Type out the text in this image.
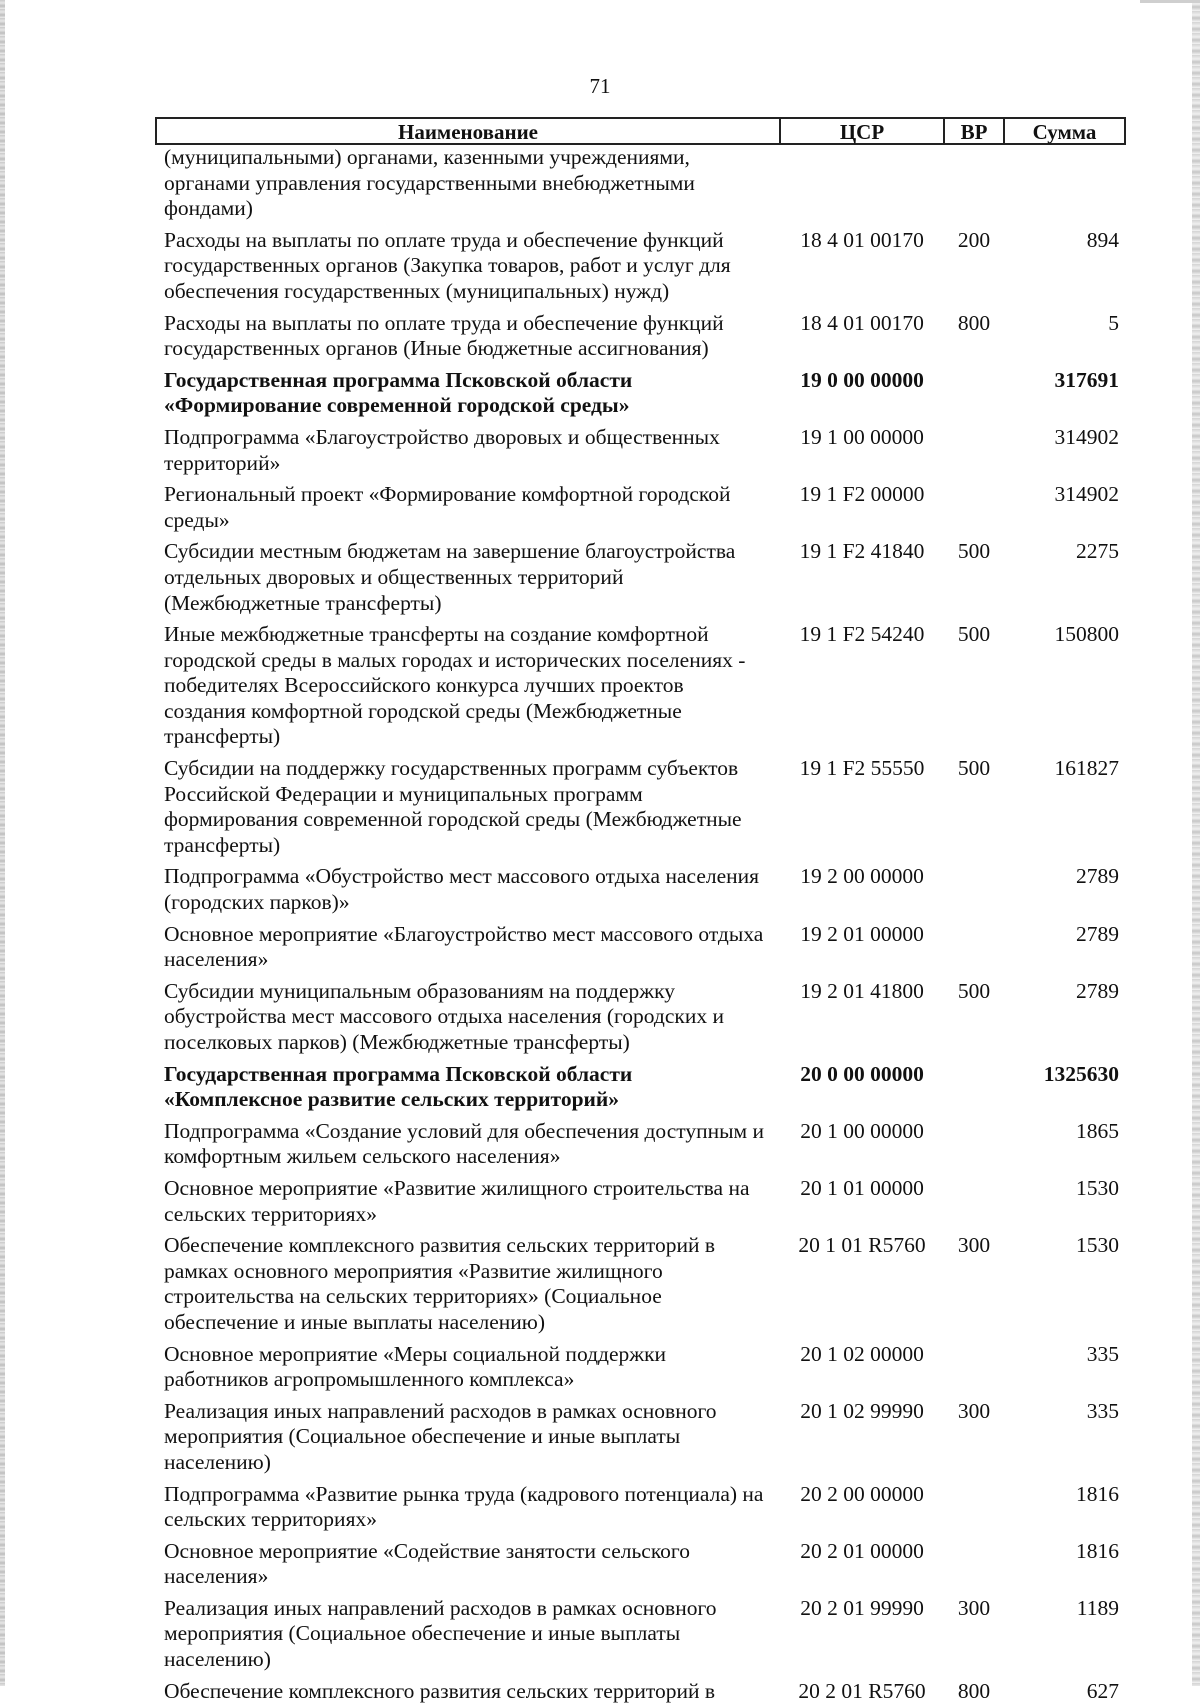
71
Наименование	ЦСР	ВР	Сумма
(муниципальными) органами, казенными учреждениями, органами управления государственными внебюджетными фондами)			
Расходы на выплаты по оплате труда и обеспечение функций государственных органов (Закупка товаров, работ и услуг для обеспечения государственных (муниципальных) нужд)	18 4 01 00170	200	894
Расходы на выплаты по оплате труда и обеспечение функций государственных органов (Иные бюджетные ассигнования)	18 4 01 00170	800	5
Государственная программа Псковской области «Формирование современной городской среды»	19 0 00 00000		317691
Подпрограмма «Благоустройство дворовых и общественных территорий»	19 1 00 00000		314902
Региональный проект «Формирование комфортной городской среды»	19 1 F2 00000		314902
Субсидии местным бюджетам на завершение благоустройства отдельных дворовых и общественных территорий (Межбюджетные трансферты)	19 1 F2 41840	500	2275
Иные межбюджетные трансферты на создание комфортной городской среды в малых городах и исторических поселениях - победителях Всероссийского конкурса лучших проектов создания комфортной городской среды (Межбюджетные трансферты)	19 1 F2 54240	500	150800
Субсидии на поддержку государственных программ субъектов Российской Федерации и муниципальных программ формирования современной городской среды (Межбюджетные трансферты)	19 1 F2 55550	500	161827
Подпрограмма «Обустройство мест массового отдыха населения (городских парков)»	19 2 00 00000		2789
Основное мероприятие «Благоустройство мест массового отдыха населения»	19 2 01 00000		2789
Субсидии муниципальным образованиям на поддержку обустройства мест массового отдыха населения (городских и поселковых парков) (Межбюджетные трансферты)	19 2 01 41800	500	2789
Государственная программа Псковской области «Комплексное развитие сельских территорий»	20 0 00 00000		1325630
Подпрограмма «Создание условий для обеспечения доступным и комфортным жильем сельского населения»	20 1 00 00000		1865
Основное мероприятие «Развитие жилищного строительства на сельских территориях»	20 1 01 00000		1530
Обеспечение комплексного развития сельских территорий в рамках основного мероприятия «Развитие жилищного строительства на сельских территориях» (Социальное обеспечение и иные выплаты населению)	20 1 01 R5760	300	1530
Основное мероприятие «Меры социальной поддержки работников агропромышленного комплекса»	20 1 02 00000		335
Реализация иных направлений расходов в рамках основного мероприятия (Социальное обеспечение и иные выплаты населению)	20 1 02 99990	300	335
Подпрограмма «Развитие рынка труда (кадрового потенциала) на сельских территориях»	20 2 00 00000		1816
Основное мероприятие «Содействие занятости сельского населения»	20 2 01 00000		1816
Реализация иных направлений расходов в рамках основного мероприятия (Социальное обеспечение и иные выплаты населению)	20 2 01 99990	300	1189
Обеспечение комплексного развития сельских территорий в	20 2 01 R5760	800	627
